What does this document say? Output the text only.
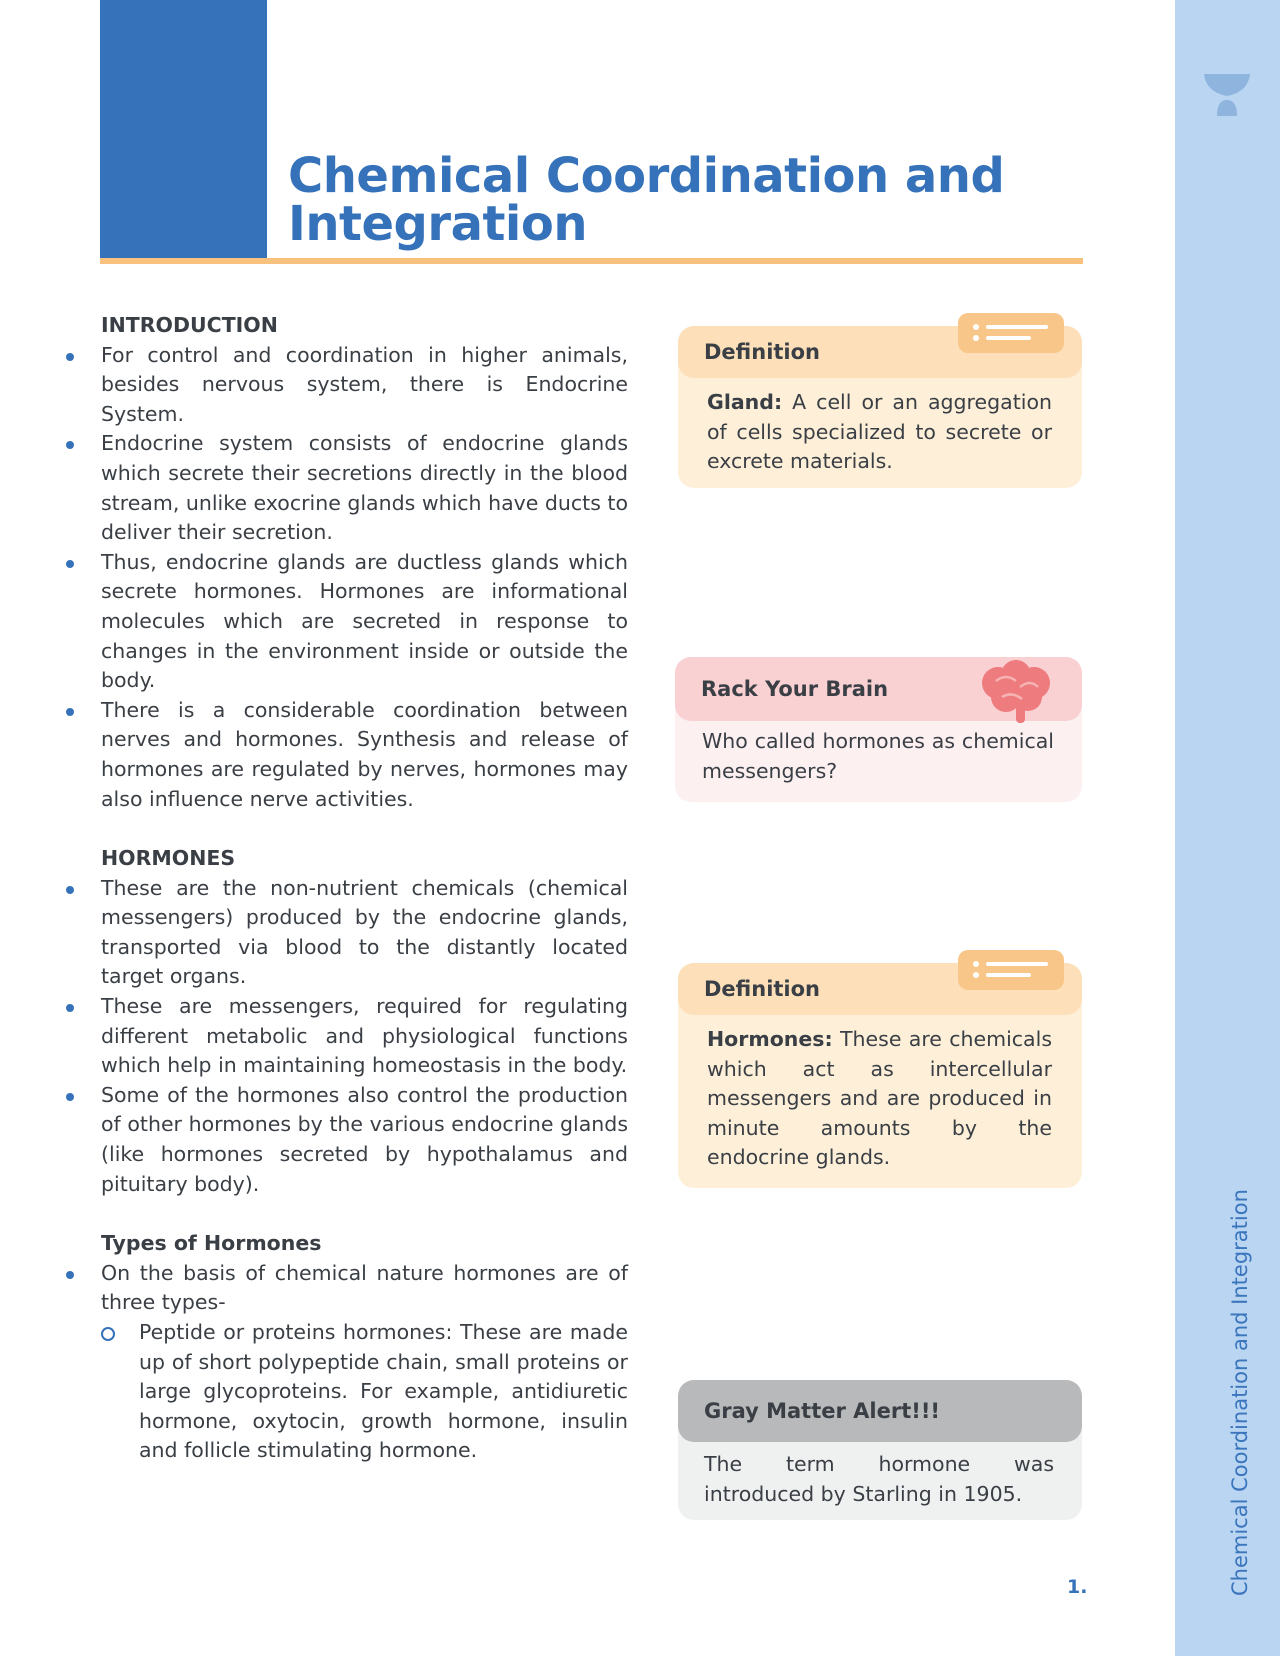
Chemical Coordination and Integration
Chemical Coordination and Integration

INTRODUCTION

For control and coordination in higher animals, besides nervous system, there is Endocrine System.
Endocrine system consists of endocrine glands which secrete their secretions directly in the blood stream, unlike exocrine glands which have ducts to deliver their secretion.
Thus, endocrine glands are ductless glands which secrete hormones. Hormones are informational molecules which are secreted in response to changes in the environment inside or outside the body.
There is a considerable coordination between nerves and hormones. Synthesis and release of hormones are regulated by nerves, hormones may also influence nerve activities.

HORMONES

These are the non-nutrient chemicals (chemical messengers) produced by the endocrine glands, transported via blood to the distantly located target organs.
These are messengers, required for regulating different metabolic and physiological functions which help in maintaining homeostasis in the body.
Some of the hormones also control the production of other hormones by the various endocrine glands (like hormones secreted by hypothalamus and pituitary body).

Types of Hormones

On the basis of chemical nature hormones are of three types-
Peptide or proteins hormones: These are made up of short polypeptide chain, small proteins or large glycoproteins. For example, antidiuretic hormone, oxytocin, growth hormone, insulin and follicle stimulating hormone.
Definition
Gland: A cell or an aggregation of cells specialized to secrete or excrete materials.
Rack Your Brain
Who called hormones as chemical messengers?
Definition
Hormones: These are chemicals which act as intercellular messengers and are produced in minute amounts by the endocrine glands.
Gray Matter Alert!!!
The term hormone was introduced by Starling in 1905.
1.
